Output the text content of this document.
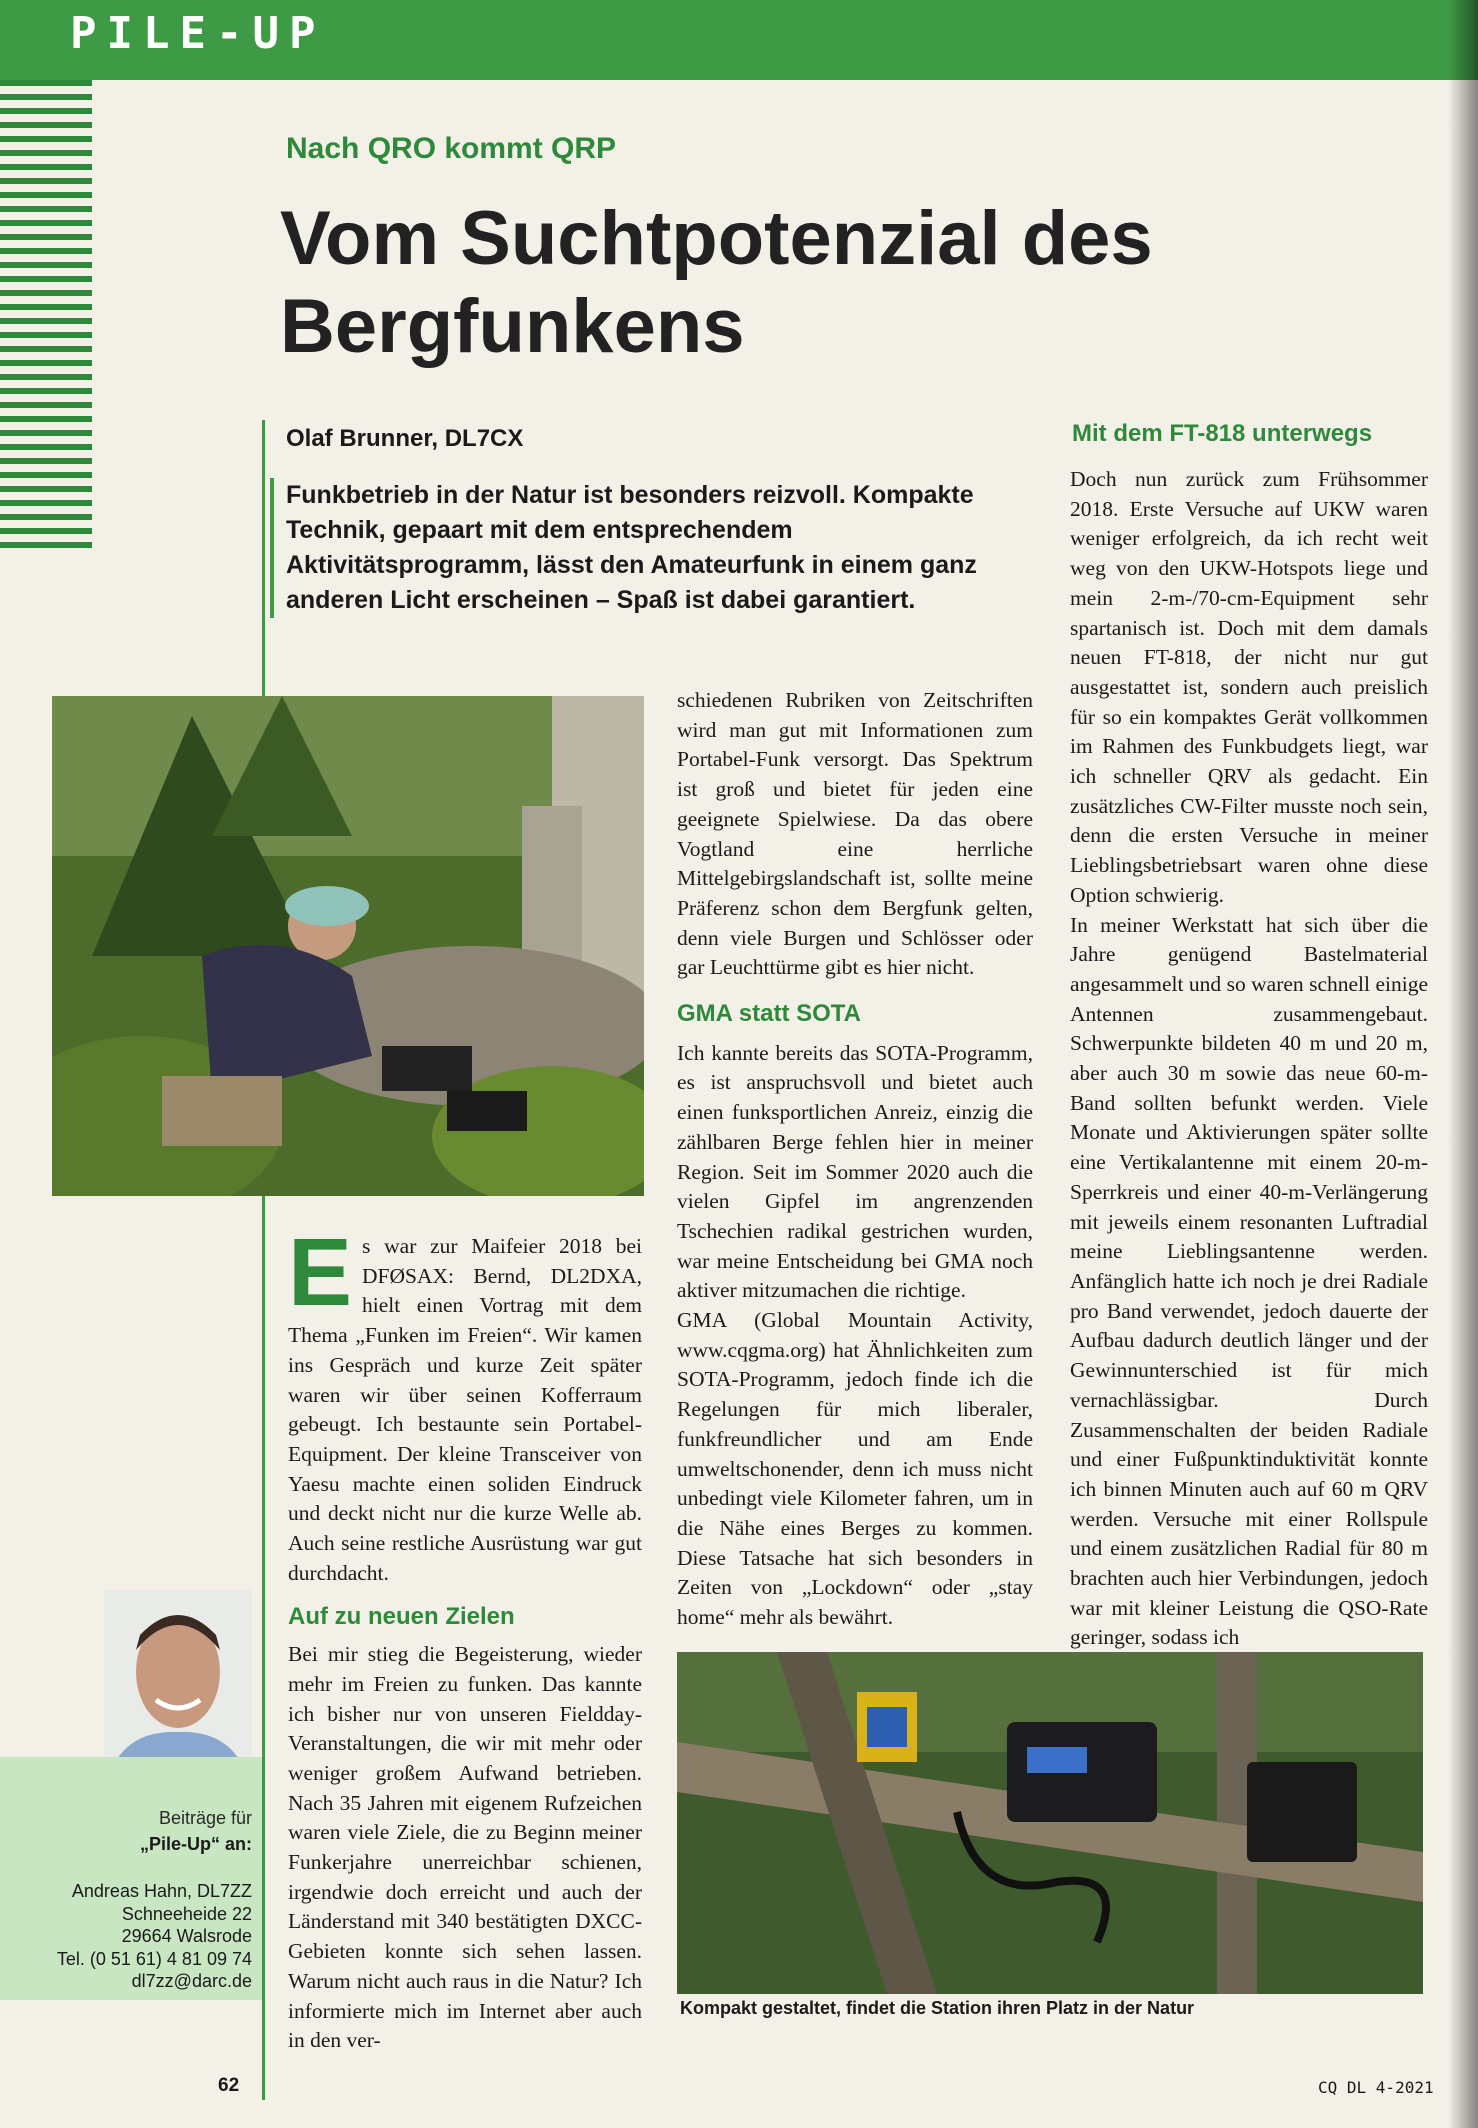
PILE-UP
Nach QRO kommt QRP
Vom Suchtpotenzial des Bergfunkens
Olaf Brunner, DL7CX
Funkbetrieb in der Natur ist besonders reizvoll. Kompakte Technik, gepaart mit dem entsprechendem Aktivitätsprogramm, lässt den Amateurfunk in einem ganz anderen Licht erscheinen – Spaß ist dabei garantiert.
Beiträge für
„Pile-Up“ an:
Andreas Hahn, DL7ZZ
Schneeheide 22
29664 Walsrode
Tel. (0 51 61) 4 81 09 74
dl7zz@darc.de

Es war zur Maifeier 2018 bei DFØSAX: Bernd, DL2DXA, hielt einen Vortrag mit dem Thema „Funken im Freien“. Wir kamen ins Gespräch und kurze Zeit später waren wir über seinen Kofferraum gebeugt. Ich bestaunte sein Portabel-Equipment. Der kleine Transceiver von Yaesu machte einen soliden Eindruck und deckt nicht nur die kurze Welle ab. Auch seine restliche Ausrüstung war gut durchdacht.

Auf zu neuen Zielen

Bei mir stieg die Begeisterung, wieder mehr im Freien zu funken. Das kannte ich bisher nur von unseren Fieldday-Veranstaltungen, die wir mit mehr oder weniger großem Aufwand betrieben. Nach 35 Jahren mit eigenem Rufzeichen waren viele Ziele, die zu Beginn meiner Funkerjahre unerreichbar schienen, irgendwie doch erreicht und auch der Länderstand mit 340 bestätigten DXCC-Gebieten konnte sich sehen lassen. Warum nicht auch raus in die Natur? Ich informierte mich im Internet aber auch in den ver-

schiedenen Rubriken von Zeitschriften wird man gut mit Informationen zum Portabel-Funk versorgt. Das Spektrum ist groß und bietet für jeden eine geeignete Spielwiese. Da das obere Vogtland eine herrliche Mittelgebirgslandschaft ist, sollte meine Präferenz schon dem Bergfunk gelten, denn viele Burgen und Schlösser oder gar Leuchttürme gibt es hier nicht.

GMA statt SOTA

Ich kannte bereits das SOTA-Programm, es ist anspruchsvoll und bietet auch einen funksportlichen Anreiz, einzig die zählbaren Berge fehlen hier in meiner Region. Seit im Sommer 2020 auch die vielen Gipfel im angrenzenden Tschechien radikal gestrichen wurden, war meine Entscheidung bei GMA noch aktiver mitzumachen die richtige.

GMA (Global Mountain Activity, www.cqgma.org) hat Ähnlichkeiten zum SOTA-Programm, jedoch finde ich die Regelungen für mich liberaler, funkfreundlicher und am Ende umweltschonender, denn ich muss nicht unbedingt viele Kilometer fahren, um in die Nähe eines Berges zu kommen. Diese Tatsache hat sich besonders in Zeiten von „Lockdown“ oder „stay home“ mehr als bewährt.

Mit dem FT-818 unterwegs

Doch nun zurück zum Frühsommer 2018. Erste Versuche auf UKW waren weniger erfolgreich, da ich recht weit weg von den UKW-Hotspots liege und mein 2-m-/70-cm-Equipment sehr spartanisch ist. Doch mit dem damals neuen FT-818, der nicht nur gut ausgestattet ist, sondern auch preislich für so ein kompaktes Gerät vollkommen im Rahmen des Funkbudgets liegt, war ich schneller QRV als gedacht. Ein zusätzliches CW-Filter musste noch sein, denn die ersten Versuche in meiner Lieblingsbetriebsart waren ohne diese Option schwierig.

In meiner Werkstatt hat sich über die Jahre genügend Bastelmaterial angesammelt und so waren schnell einige Antennen zusammengebaut. Schwerpunkte bildeten 40 m und 20 m, aber auch 30 m sowie das neue 60-m-Band sollten befunkt werden. Viele Monate und Aktivierungen später sollte eine Vertikalantenne mit einem 20-m-Sperrkreis und einer 40-m-Verlängerung mit jeweils einem resonanten Luftradial meine Lieblingsantenne werden. Anfänglich hatte ich noch je drei Radiale pro Band verwendet, jedoch dauerte der Aufbau dadurch deutlich länger und der Gewinnunterschied ist für mich vernachlässigbar. Durch Zusammenschalten der beiden Radiale und einer Fußpunktinduktivität konnte ich binnen Minuten auch auf 60 m QRV werden. Versuche mit einer Rollspule und einem zusätzlichen Radial für 80 m brachten auch hier Verbindungen, jedoch war mit kleiner Leistung die QSO-Rate geringer, sodass ich

Kompakt gestaltet, findet die Station ihren Platz in der Natur
62	CQ DL 4-2021
